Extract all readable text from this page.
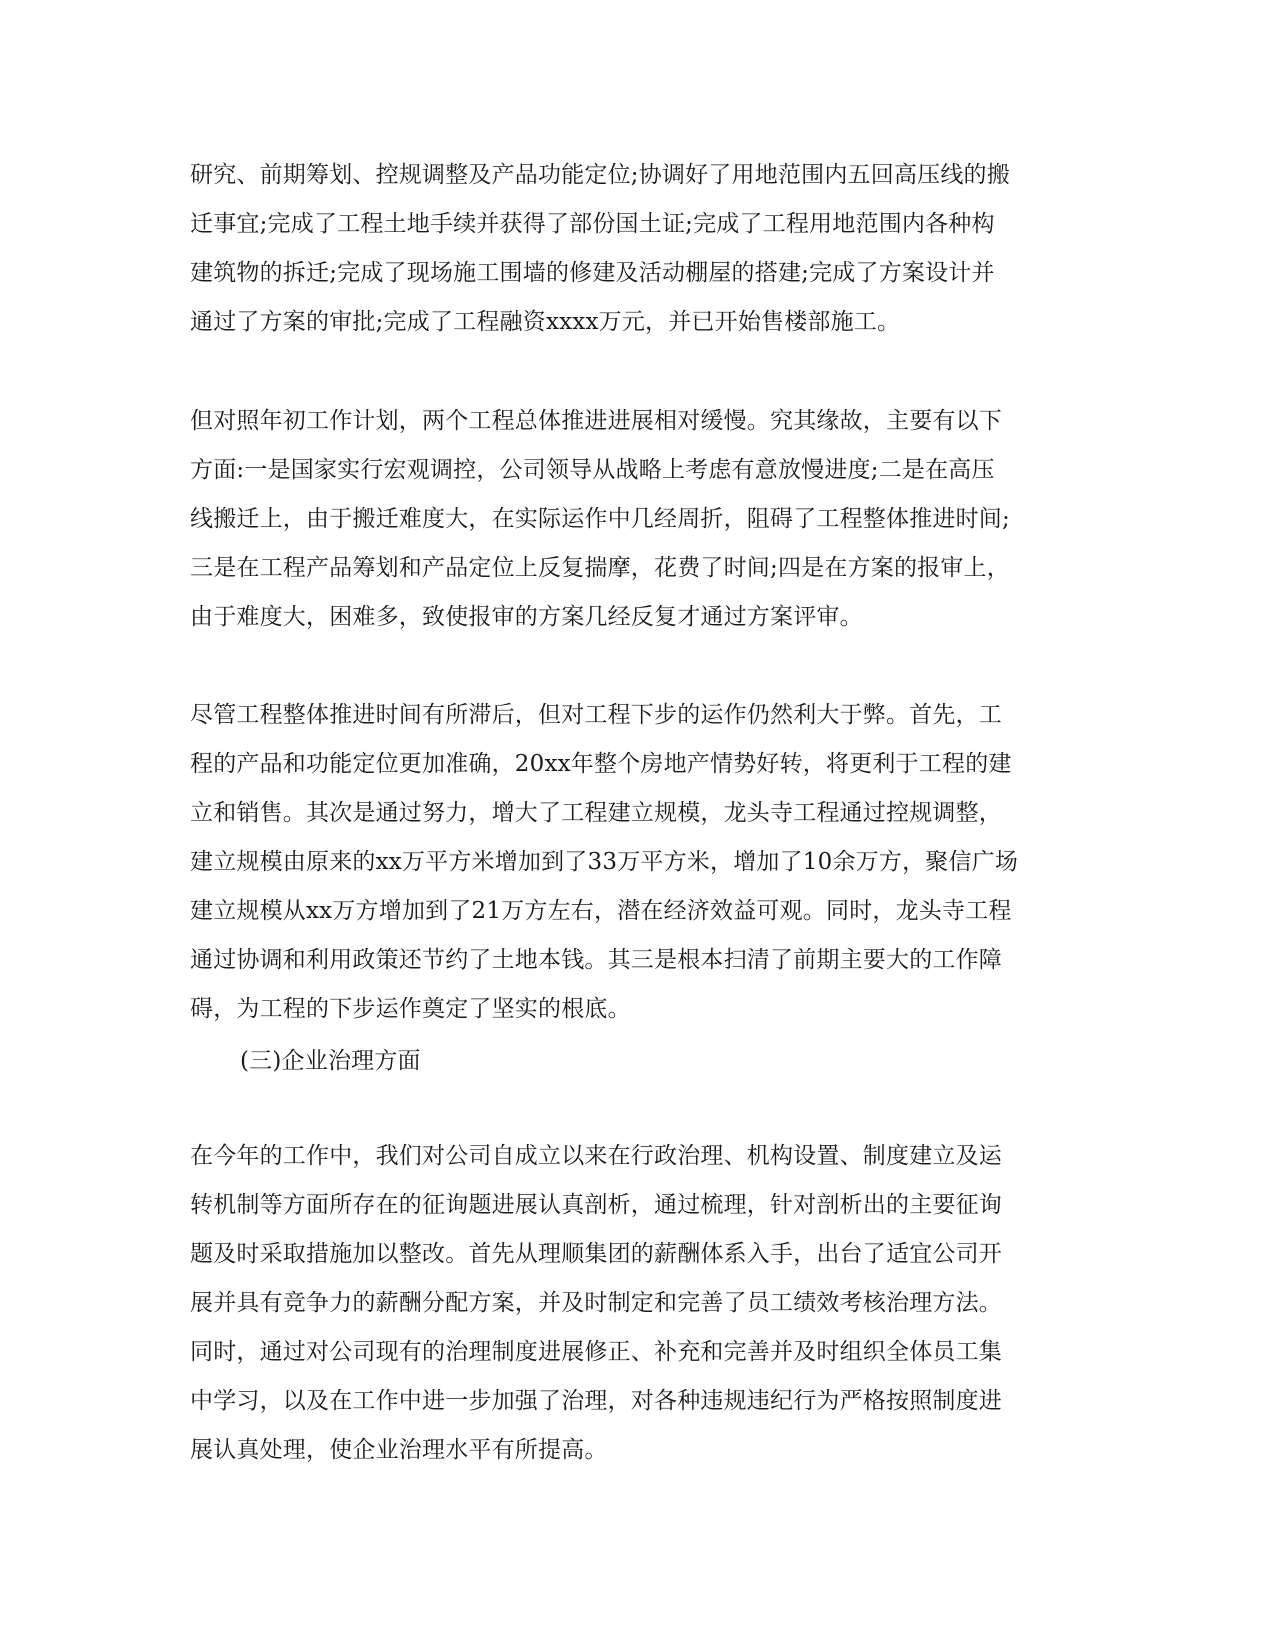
研究、前期筹划、控规调整及产品功能定位;协调好了用地范围内五回高压线的搬
迁事宜;完成了工程土地手续并获得了部份国土证;完成了工程用地范围内各种构
建筑物的拆迁;完成了现场施工围墙的修建及活动棚屋的搭建;完成了方案设计并
通过了方案的审批;完成了工程融资xxxx万元，并已开始售楼部施工。
但对照年初工作计划，两个工程总体推进进展相对缓慢。究其缘故，主要有以下
方面:一是国家实行宏观调控，公司领导从战略上考虑有意放慢进度;二是在高压
线搬迁上，由于搬迁难度大，在实际运作中几经周折，阻碍了工程整体推进时间;
三是在工程产品筹划和产品定位上反复揣摩，花费了时间;四是在方案的报审上，
由于难度大，困难多，致使报审的方案几经反复才通过方案评审。
尽管工程整体推进时间有所滞后，但对工程下步的运作仍然利大于弊。首先，工
程的产品和功能定位更加准确，20xx年整个房地产情势好转，将更利于工程的建
立和销售。其次是通过努力，增大了工程建立规模，龙头寺工程通过控规调整，
建立规模由原来的xx万平方米增加到了33万平方米，增加了10余万方，聚信广场
建立规模从xx万方增加到了21万方左右，潜在经济效益可观。同时，龙头寺工程
通过协调和利用政策还节约了土地本钱。其三是根本扫清了前期主要大的工作障
碍，为工程的下步运作奠定了坚实的根底。
(三)企业治理方面
在今年的工作中，我们对公司自成立以来在行政治理、机构设置、制度建立及运
转机制等方面所存在的征询题进展认真剖析，通过梳理，针对剖析出的主要征询
题及时采取措施加以整改。首先从理顺集团的薪酬体系入手，出台了适宜公司开
展并具有竞争力的薪酬分配方案，并及时制定和完善了员工绩效考核治理方法。
同时，通过对公司现有的治理制度进展修正、补充和完善并及时组织全体员工集
中学习，以及在工作中进一步加强了治理，对各种违规违纪行为严格按照制度进
展认真处理，使企业治理水平有所提高。
